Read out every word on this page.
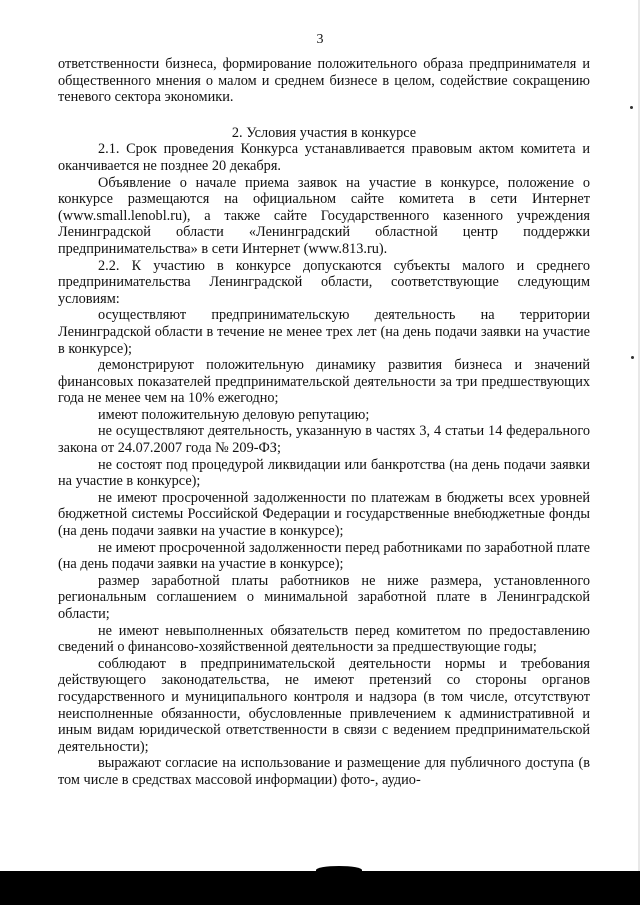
3

ответственности бизнеса, формирование положительного образа предпринимателя и общественного мнения о малом и среднем бизнесе в целом, содействие сокращению теневого сектора экономики.

2. Условия участия в конкурсе

2.1. Срок проведения Конкурса устанавливается правовым актом комитета и оканчивается не позднее 20 декабря.

Объявление о начале приема заявок на участие в конкурсе, положение о конкурсе размещаются на официальном сайте комитета в сети Интернет (www.small.lenobl.ru), а также сайте Государственного казенного учреждения Ленинградской области «Ленинградский областной центр поддержки предпринимательства» в сети Интернет (www.813.ru).

2.2. К участию в конкурсе допускаются субъекты малого и среднего предпринимательства Ленинградской области, соответствующие следующим условиям:

осуществляют предпринимательскую деятельность на территории Ленинградской области в течение не менее трех лет (на день подачи заявки на участие в конкурсе);

демонстрируют положительную динамику развития бизнеса и значений финансовых показателей предпринимательской деятельности за три предшествующих года не менее чем на 10% ежегодно;

имеют положительную деловую репутацию;

не осуществляют деятельность, указанную в частях 3, 4 статьи 14 федерального закона от 24.07.2007 года № 209-ФЗ;

не состоят под процедурой ликвидации или банкротства (на день подачи заявки на участие в конкурсе);

не имеют просроченной задолженности по платежам в бюджеты всех уровней бюджетной системы Российской Федерации и государственные внебюджетные фонды (на день подачи заявки на участие в конкурсе);

не имеют просроченной задолженности перед работниками по заработной плате (на день подачи заявки на участие в конкурсе);

размер заработной платы работников не ниже размера, установленного региональным соглашением о минимальной заработной плате в Ленинградской области;

не имеют невыполненных обязательств перед комитетом по предоставлению сведений о финансово-хозяйственной деятельности за предшествующие годы;

соблюдают в предпринимательской деятельности нормы и требования действующего законодательства, не имеют претензий со стороны органов государственного и муниципального контроля и надзора (в том числе, отсутствуют неисполненные обязанности, обусловленные привлечением к административной и иным видам юридической ответственности в связи с ведением предпринимательской деятельности);

выражают согласие на использование и размещение для публичного доступа (в том числе в средствах массовой информации) фото-, аудио-
